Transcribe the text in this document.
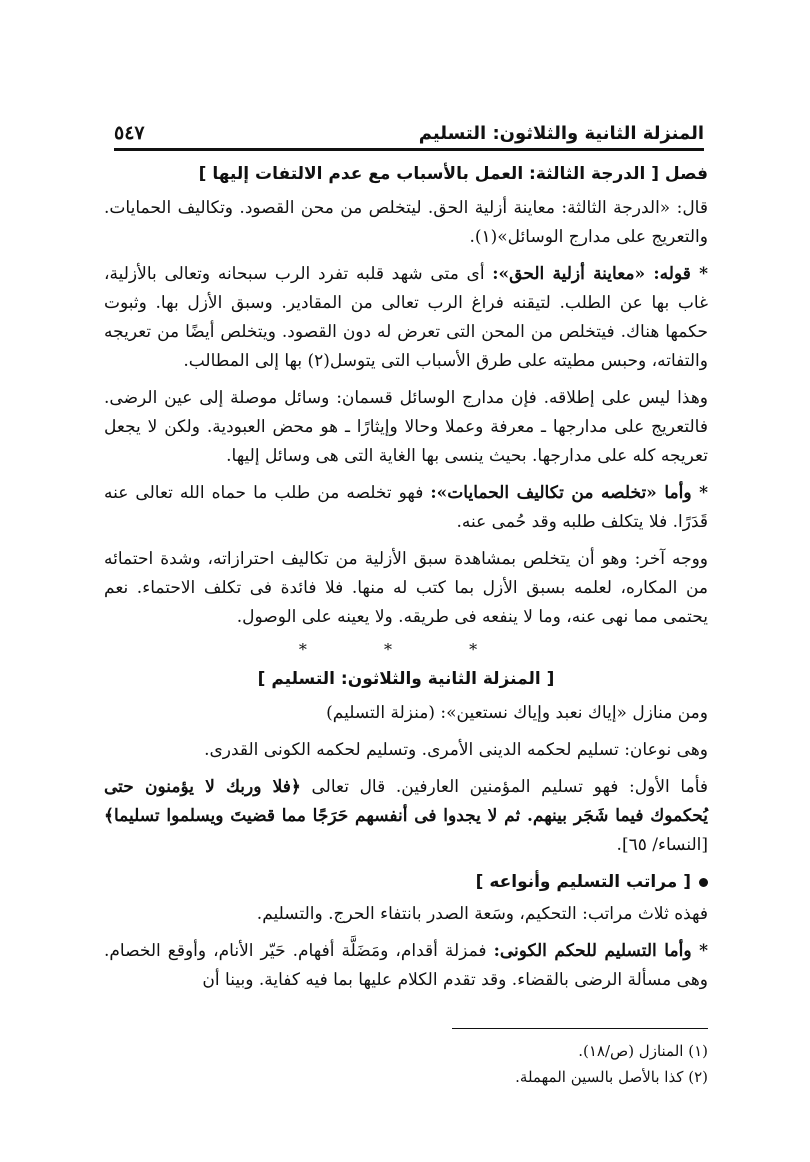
المنزلة الثانية والثلاثون: التسليم
٥٤٧
فصل [ الدرجة الثالثة: العمل بالأسباب مع عدم الالتفات إليها ]

قال: «الدرجة الثالثة: معاينة أزلية الحق. ليتخلص من محن القصود. وتكاليف الحمايات. والتعريج على مدارج الوسائل»(١).

* قوله: «معاينة أزلية الحق»: أى متى شهد قلبه تفرد الرب سبحانه وتعالى بالأزلية، غاب بها عن الطلب. لتيقنه فراغ الرب تعالى من المقادير. وسبق الأزل بها. وثبوت حكمها هناك. فيتخلص من المحن التى تعرض له دون القصود. ويتخلص أيضًا من تعريجه والتفاته، وحبس مطيته على طرق الأسباب التى يتوسل(٢) بها إلى المطالب.

وهذا ليس على إطلاقه. فإن مدارج الوسائل قسمان: وسائل موصلة إلى عين الرضى. فالتعريج على مدارجها ـ معرفة وعملا وحالا وإيثارًا ـ هو محض العبودية. ولكن لا يجعل تعريجه كله على مدارجها. بحيث ينسى بها الغاية التى هى وسائل إليها.

* وأما «تخلصه من تكاليف الحمايات»: فهو تخلصه من طلب ما حماه الله تعالى عنه قَدَرًا. فلا يتكلف طلبه وقد حُمى عنه.

ووجه آخر: وهو أن يتخلص بمشاهدة سبق الأزلية من تكاليف احترازاته، وشدة احتمائه من المكاره، لعلمه بسبق الأزل بما كتب له منها. فلا فائدة فى تكلف الاحتماء. نعم يحتمى مما نهى عنه، وما لا ينفعه فى طريقه. ولا يعينه على الوصول.

* * *
[ المنزلة الثانية والثلاثون: التسليم ]

ومن منازل «إياك نعبد وإياك نستعين»: (منزلة التسليم)

وهى نوعان: تسليم لحكمه الدينى الأمرى. وتسليم لحكمه الكونى القدرى.

فأما الأول: فهو تسليم المؤمنين العارفين. قال تعالى ﴿فلا وربك لا يؤمنون حتى يُحكموك فيما شَجَر بينهم. ثم لا يجدوا فى أنفسهم حَرَجًا مما قضيتَ ويسلموا تسليما﴾ [النساء/ ٦٥].

[ مراتب التسليم وأنواعه ]

فهذه ثلاث مراتب: التحكيم، وسَعة الصدر بانتفاء الحرج. والتسليم.

* وأما التسليم للحكم الكونى: فمزلة أقدام، ومَضَلَّة أفهام. حَيّر الأنام، وأوقع الخصام. وهى مسألة الرضى بالقضاء. وقد تقدم الكلام عليها بما فيه كفاية. وبينا أن

(١) المنازل (ص/١٨).

(٢) كذا بالأصل بالسين المهملة.
